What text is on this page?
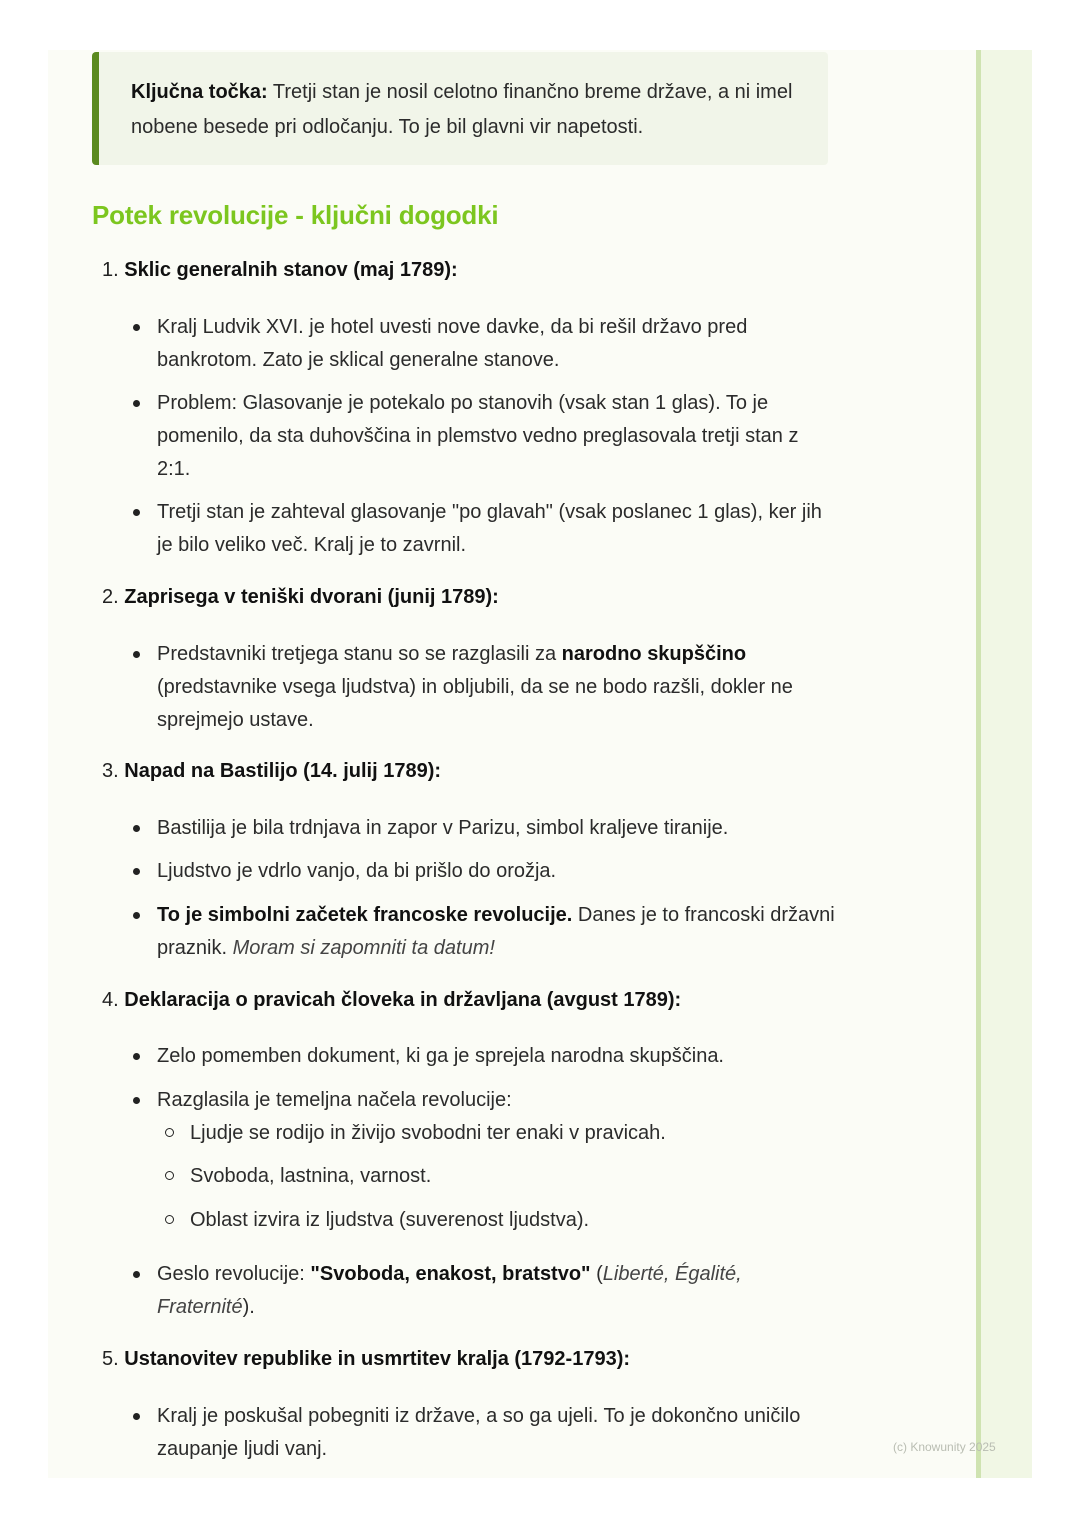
Ključna točka: Tretji stan je nosil celotno finančno breme države, a ni imel nobene besede pri odločanju. To je bil glavni vir napetosti.
Potek revolucije - ključni dogodki
1. Sklic generalnih stanov (maj 1789):
Kralj Ludvik XVI. je hotel uvesti nove davke, da bi rešil državo pred bankrotom. Zato je sklical generalne stanove.
Problem: Glasovanje je potekalo po stanovih (vsak stan 1 glas). To je pomenilo, da sta duhovščina in plemstvo vedno preglasovala tretji stan z 2:1.
Tretji stan je zahteval glasovanje "po glavah" (vsak poslanec 1 glas), ker jih je bilo veliko več. Kralj je to zavrnil.
2. Zaprisega v teniški dvorani (junij 1789):
Predstavniki tretjega stanu so se razglasili za narodno skupščino (predstavnike vsega ljudstva) in obljubili, da se ne bodo razšli, dokler ne sprejmejo ustave.
3. Napad na Bastilijo (14. julij 1789):
Bastilija je bila trdnjava in zapor v Parizu, simbol kraljeve tiranije.
Ljudstvo je vdrlo vanjo, da bi prišlo do orožja.
To je simbolni začetek francoske revolucije. Danes je to francoski državni praznik. Moram si zapomniti ta datum!
4. Deklaracija o pravicah človeka in državljana (avgust 1789):
Zelo pomemben dokument, ki ga je sprejela narodna skupščina.
Razglasila je temeljna načela revolucije:
Ljudje se rodijo in živijo svobodni ter enaki v pravicah.
Svoboda, lastnina, varnost.
Oblast izvira iz ljudstva (suverenost ljudstva).
Geslo revolucije: "Svoboda, enakost, bratstvo" (Liberté, Égalité, Fraternité).
5. Ustanovitev republike in usmrtitev kralja (1792-1793):
Kralj je poskušal pobegniti iz države, a so ga ujeli. To je dokončno uničilo zaupanje ljudi vanj.	(c) Knowunity 2025
